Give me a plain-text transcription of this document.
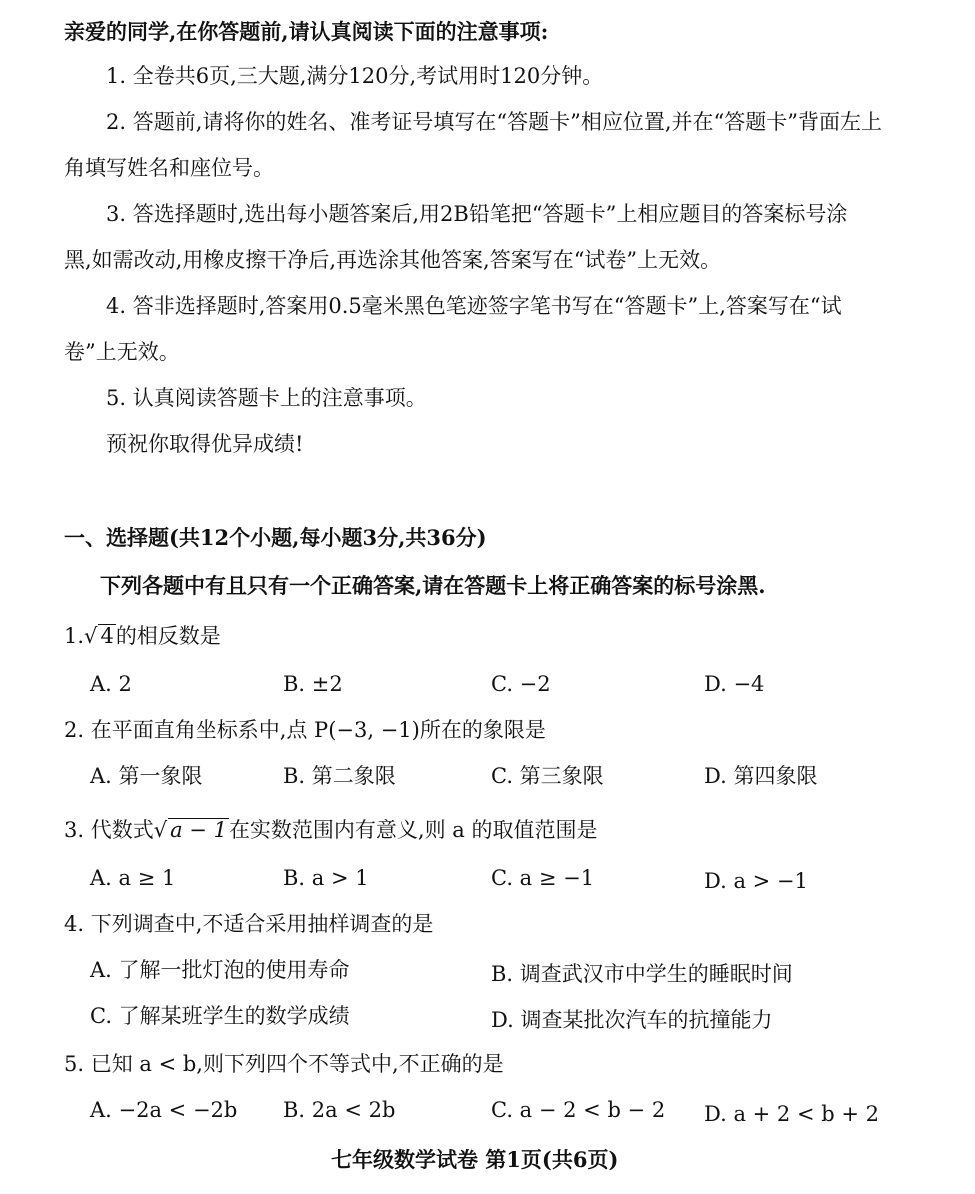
亲爱的同学,在你答题前,请认真阅读下面的注意事项:
1. 全卷共6页,三大题,满分120分,考试用时120分钟。
2. 答题前,请将你的姓名、准考证号填写在“答题卡”相应位置,并在“答题卡”背面左上
角填写姓名和座位号。
3. 答选择题时,选出每小题答案后,用2B铅笔把“答题卡”上相应题目的答案标号涂
黑,如需改动,用橡皮擦干净后,再选涂其他答案,答案写在“试卷”上无效。
4. 答非选择题时,答案用0.5毫米黑色笔迹签字笔书写在“答题卡”上,答案写在“试
卷”上无效。
5. 认真阅读答题卡上的注意事项。
预祝你取得优异成绩!
一、选择题(共12个小题,每小题3分,共36分)
下列各题中有且只有一个正确答案,请在答题卡上将正确答案的标号涂黑.
1.√ 4的相反数是
A. 2	B. ±2	C. −2	D. −4
2. 在平面直角坐标系中,点 P(−3, −1)所在的象限是
A. 第一象限	B. 第二象限	C. 第三象限	D. 第四象限
3. 代数式√ a − 1在实数范围内有意义,则 a 的取值范围是
A. a ≥ 1	B. a > 1	C. a ≥ −1	D. a > −1
4. 下列调查中,不适合采用抽样调查的是
A. 了解一批灯泡的使用寿命	B. 调查武汉市中学生的睡眠时间
C. 了解某班学生的数学成绩	D. 调查某批次汽车的抗撞能力
5. 已知 a < b,则下列四个不等式中,不正确的是
A. −2a < −2b B. 2a < 2b	C. a − 2 < b − 2 D. a + 2 < b + 2
七年级数学试卷 第1页(共6页)
